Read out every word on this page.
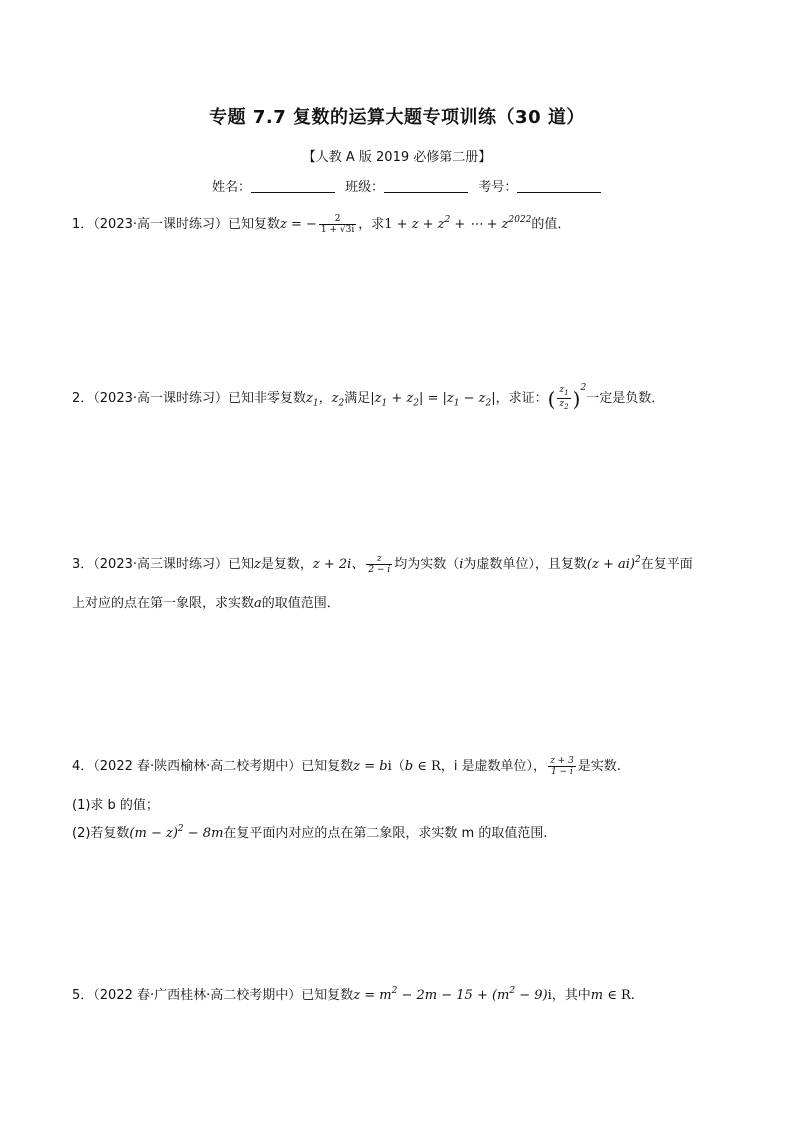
专题 7.7 复数的运算大题专项训练（30 道）
【人教 A 版 2019 必修第二册】
姓名：	班级：	考号：
1．（2023·高一课时练习）已知复数z = − $\frac{2}{1 + √3i}$ ，求$1 + z + z^2$ + ⋯ + $z^{2022}$的值．
2．（2023·高一课时练习）已知非零复数$z_1$，$z_2$满足$|z_1 + z_2| = |z_1 - z_2|$，求证：( $\frac{z_1}{z_2} )^2$一定是负数．
3．（2023·高三课时练习）已知z是复数，z + 2i、 $\frac{z}{2 - i}$ 均为实数（i为虚数单位），且复数(z + ai)$^2$在复平面
上对应的点在第一象限，求实数a的取值范围．
4．（2022 春·陕西榆林·高二校考期中）已知复数z = bi（b ∈ R，i 是虚数单位）， $\frac{z + 3}{1 - i}$ 是实数.
(1)求 b 的值；
(2)若复数$(m - z)^2 - 8m$在复平面内对应的点在第二象限，求实数 m 的取值范围.
5．（2022 春·广西桂林·高二校考期中）已知复数$z = m^2 - 2m - 15 + (m^2 - 9)i$，其中m ∈ R.
